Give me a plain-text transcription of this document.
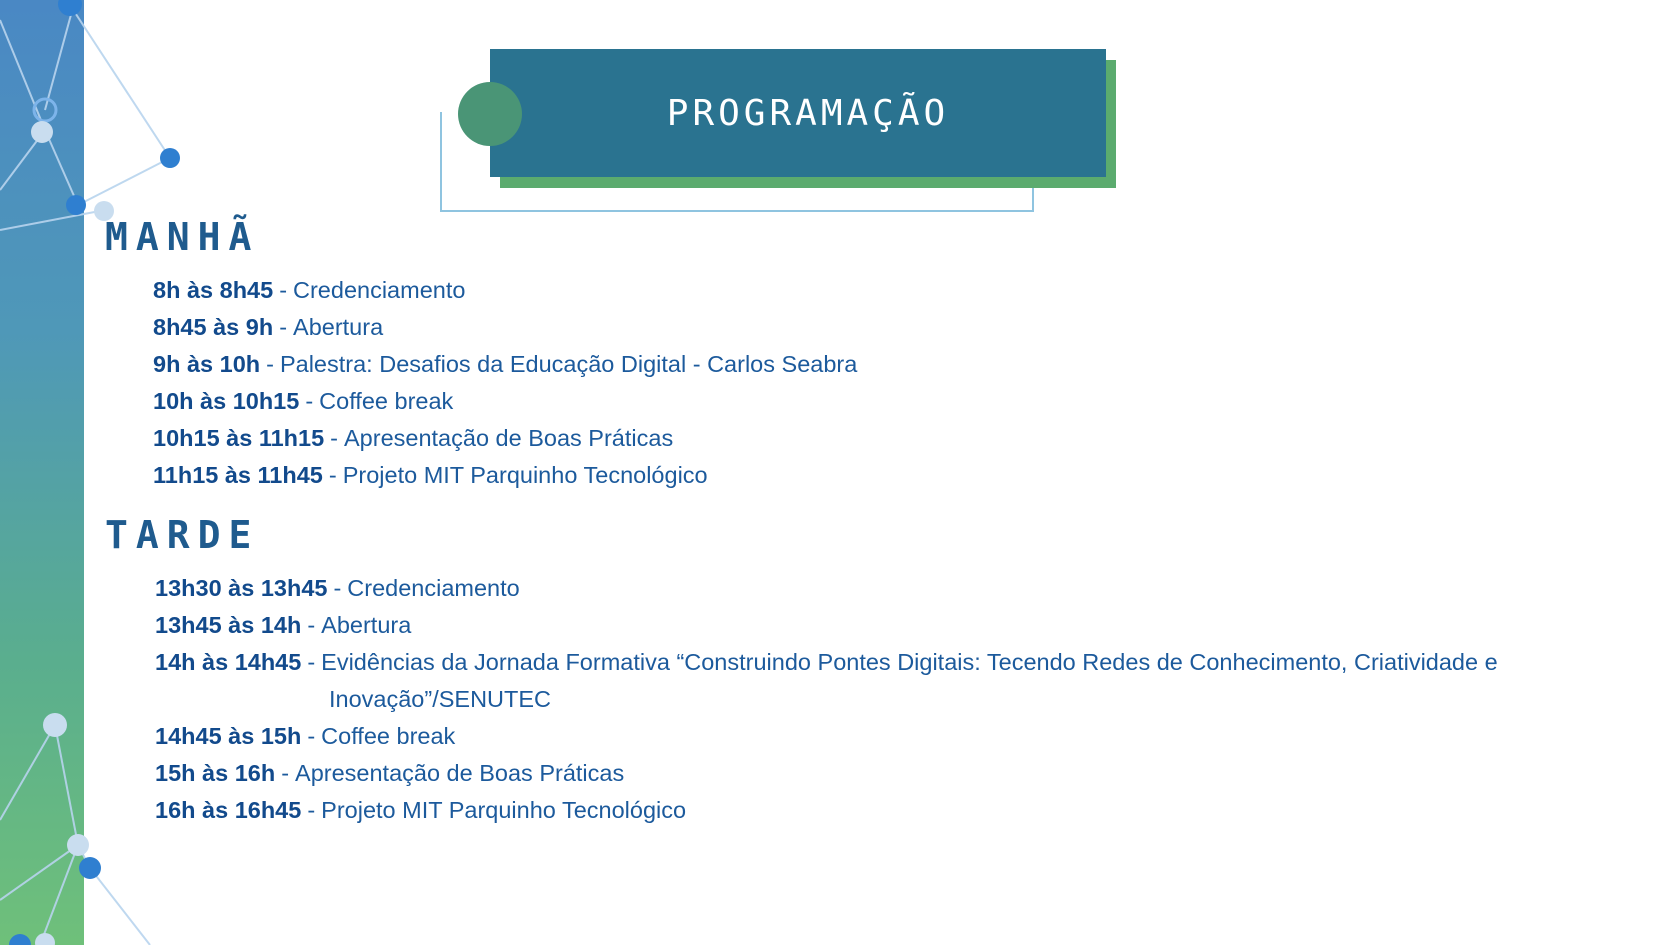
PROGRAMAÇÃO
MANHÃ
8h às 8h45 - Credenciamento
8h45 às 9h - Abertura
9h às 10h - Palestra: Desafios da Educação Digital - Carlos Seabra
10h às 10h15 - Coffee break
10h15 às 11h15 - Apresentação de Boas Práticas
11h15 às 11h45 - Projeto MIT Parquinho Tecnológico
TARDE
13h30 às 13h45 - Credenciamento
13h45 às 14h - Abertura
14h às 14h45 - Evidências da Jornada Formativa “Construindo Pontes Digitais: Tecendo Redes de Conhecimento, Criatividade e
Inovação”/SENUTEC
14h45 às 15h - Coffee break
15h às 16h - Apresentação de Boas Práticas
16h às 16h45 - Projeto MIT Parquinho Tecnológico
